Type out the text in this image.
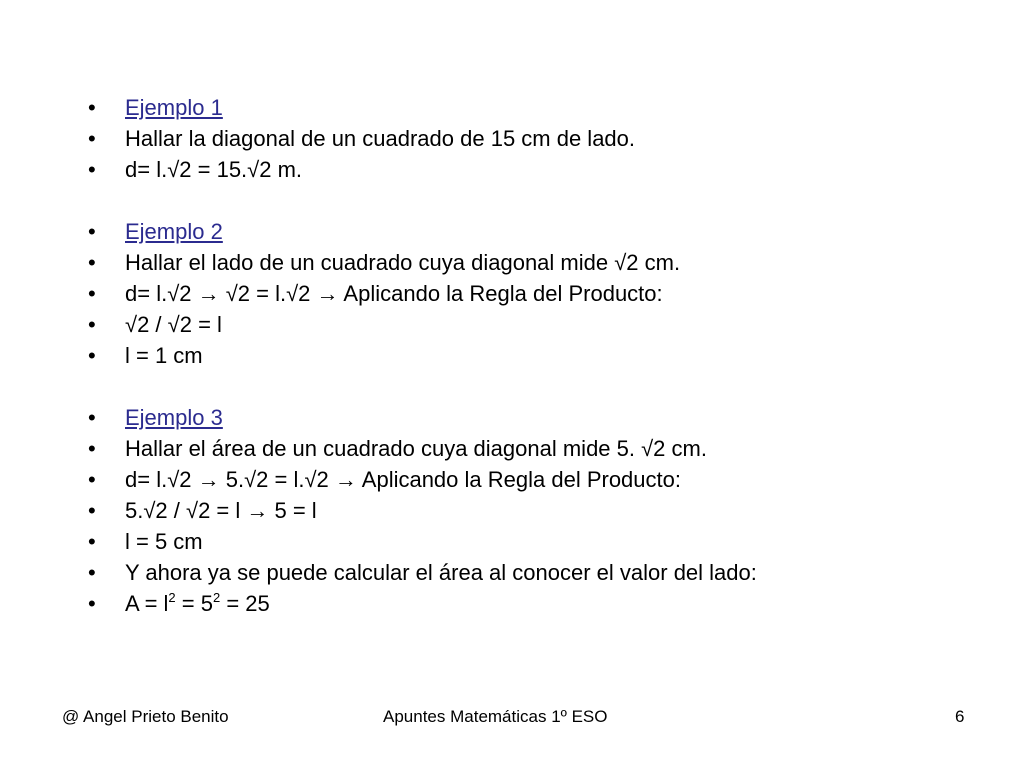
•	Ejemplo 1
•	Hallar la diagonal de un cuadrado de 15 cm de lado.
•	d= l.√2 = 15.√2 m.
•	Ejemplo 2
•	Hallar el lado de un cuadrado cuya diagonal mide √2 cm.
•	d= l.√2 → √2 = l.√2 → Aplicando la Regla del Producto:
•	√2 / √2 = l
•	l = 1 cm
•	Ejemplo 3
•	Hallar el área de un cuadrado cuya diagonal mide 5. √2 cm.
•	d= l.√2 → 5.√2 = l.√2 → Aplicando la Regla del Producto:
•	5.√2 / √2 = l → 5 = l
•	l = 5 cm
•	Y ahora ya se puede calcular el área al conocer el valor del lado:
•	$A = l^2 = 5^2 = 25$
@ Angel Prieto Benito	Apuntes Matemáticas 1º ESO	6
